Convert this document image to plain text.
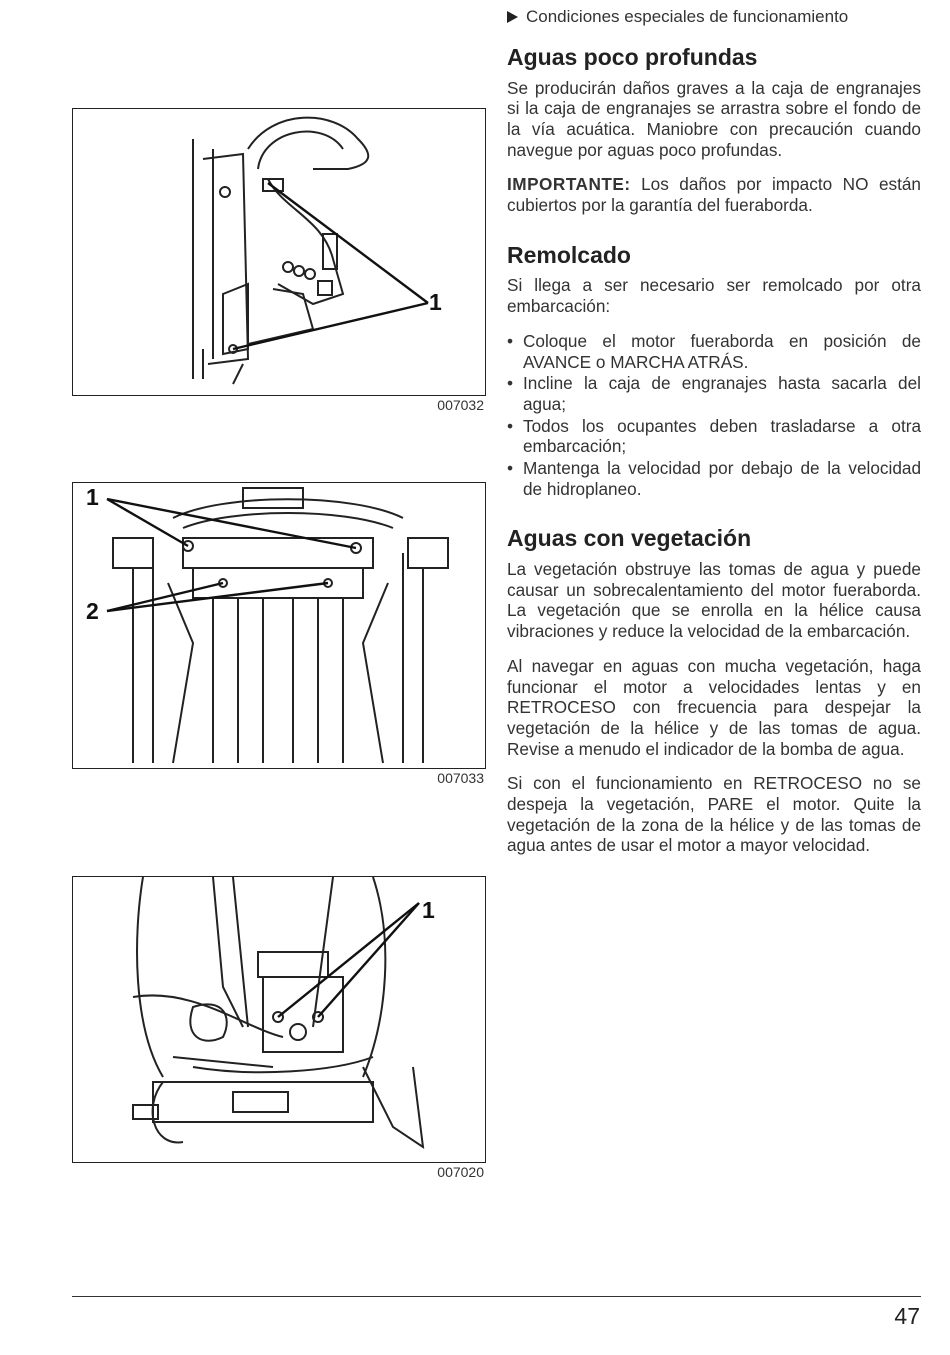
Condiciones especiales de funcionamiento
1
007032
1
2
007033
1
007020
Aguas poco profundas

Se producirán daños graves a la caja de engranajes si la caja de engranajes se arrastra sobre el fondo de la vía acuática. Maniobre con precaución cuando navegue por aguas poco profundas.

IMPORTANTE: Los daños por impacto NO están cubiertos por la garantía del fueraborda.

Remolcado

Si llega a ser necesario ser remolcado por otra embarcación:

• Coloque el motor fueraborda en posición de AVANCE o MARCHA ATRÁS.
• Incline la caja de engranajes hasta sacarla del agua;
• Todos los ocupantes deben trasladarse a otra embarcación;
• Mantenga la velocidad por debajo de la velocidad de hidroplaneo.
Aguas con vegetación

La vegetación obstruye las tomas de agua y puede causar un sobrecalentamiento del motor fueraborda. La vegetación que se enrolla en la hélice causa vibraciones y reduce la velocidad de la embarcación.

Al navegar en aguas con mucha vegetación, haga funcionar el motor a velocidades lentas y en RETROCESO con frecuencia para despejar la vegetación de la hélice y de las tomas de agua. Revise a menudo el indicador de la bomba de agua.

Si con el funcionamiento en RETROCESO no se despeja la vegetación, PARE el motor. Quite la vegetación de la zona de la hélice y de las tomas de agua antes de usar el motor a mayor velocidad.

47
